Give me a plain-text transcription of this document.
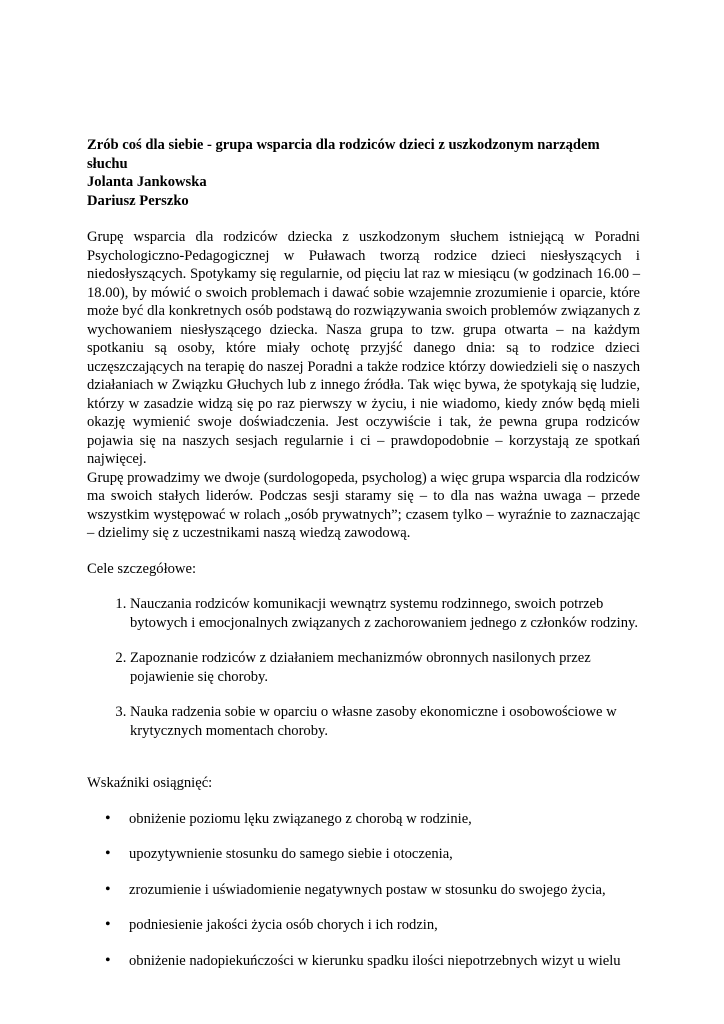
Zrób coś dla siebie - grupa wsparcia dla rodziców dzieci z uszkodzonym narządem
słuchu
Jolanta Jankowska
Dariusz Perszko

Grupę wsparcia dla rodziców dziecka z uszkodzonym słuchem istniejącą w Poradni Psychologiczno-Pedagogicznej w Puławach tworzą rodzice dzieci niesłyszących i niedosłyszących. Spotykamy się regularnie, od pięciu lat raz w miesiącu (w godzinach 16.00 – 18.00), by mówić o swoich problemach i dawać sobie wzajemnie zrozumienie i oparcie, które może być dla konkretnych osób podstawą do rozwiązywania swoich problemów związanych z wychowaniem niesłyszącego dziecka. Nasza grupa to tzw. grupa otwarta – na każdym spotkaniu są osoby, które miały ochotę przyjść danego dnia: są to rodzice dzieci uczęszczających na terapię do naszej Poradni a także rodzice którzy dowiedzieli się o naszych działaniach w Związku Głuchych lub z innego źródła. Tak więc bywa, że spotykają się ludzie, którzy w zasadzie widzą się po raz pierwszy w życiu, i nie wiadomo, kiedy znów będą mieli okazję wymienić swoje doświadczenia. Jest oczywiście i tak, że pewna grupa rodziców pojawia się na naszych sesjach regularnie i ci – prawdopodobnie – korzystają ze spotkań najwięcej.

Grupę prowadzimy we dwoje (surdologopeda, psycholog) a więc grupa wsparcia dla rodziców ma swoich stałych liderów. Podczas sesji staramy się – to dla nas ważna uwaga – przede wszystkim występować w rolach „osób prywatnych”; czasem tylko – wyraźnie to zaznaczając – dzielimy się z uczestnikami naszą wiedzą zawodową.

Cele szczegółowe:

1. Nauczania rodziców komunikacji wewnątrz systemu rodzinnego, swoich potrzeb bytowych i emocjonalnych związanych z zachorowaniem jednego z członków rodziny.
2. Zapoznanie rodziców z działaniem mechanizmów obronnych nasilonych przez pojawienie się choroby.
3. Nauka radzenia sobie w oparciu o własne zasoby ekonomiczne i osobowościowe w krytycznych momentach choroby.

Wskaźniki osiągnięć:

• obniżenie poziomu lęku związanego z chorobą w rodzinie,
• upozytywnienie stosunku do samego siebie i otoczenia,
• zrozumienie i uświadomienie negatywnych postaw w stosunku do swojego życia,
• podniesienie jakości życia osób chorych i ich rodzin,
• obniżenie nadopiekuńczości w kierunku spadku ilości niepotrzebnych wizyt u wielu
